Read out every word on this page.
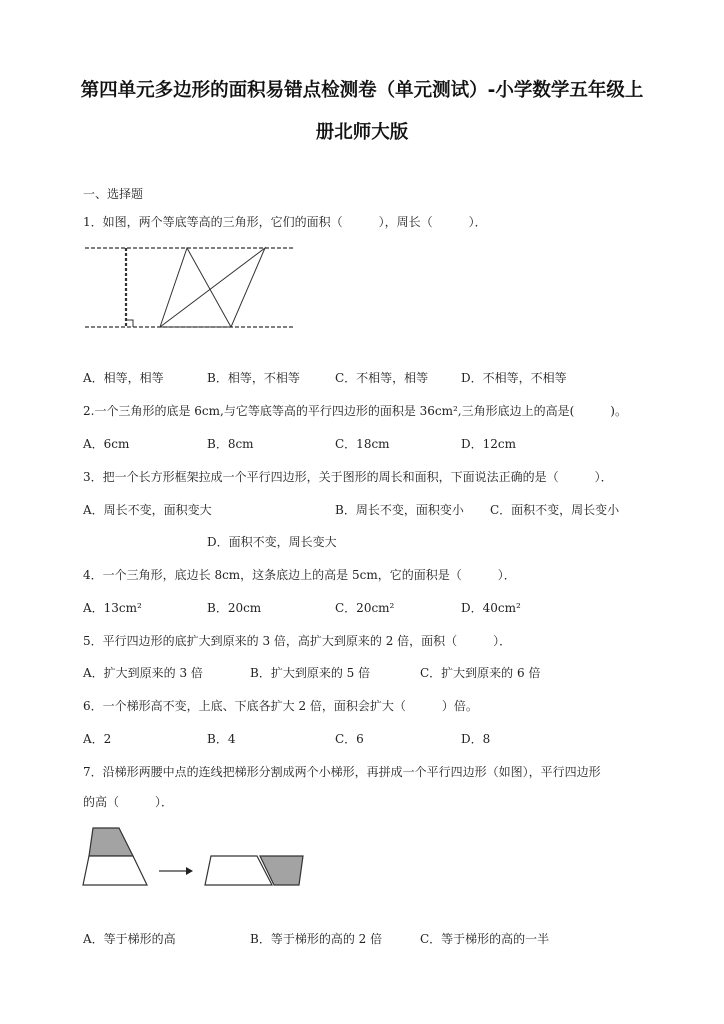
第四单元多边形的面积易错点检测卷（单元测试）-小学数学五年级上
册北师大版
一、选择题
1．如图，两个等底等高的三角形，它们的面积（　　　），周长（　　　）．
A．相等，相等	B．相等，不相等	C．不相等，相等	D．不相等，不相等
2.一个三角形的底是 6cm,与它等底等高的平行四边形的面积是 36cm²,三角形底边上的高是(　　　)。
A．6cm	B．8cm	C．18cm	D．12cm
3．把一个长方形框架拉成一个平行四边形，关于图形的周长和面积，下面说法正确的是（　　　）．
A．周长不变，面积变大	B．周长不变，面积变小 C．面积不变，周长变小
D．面积不变，周长变大
4．一个三角形，底边长 8cm，这条底边上的高是 5cm，它的面积是（　　　）．
A．13cm²	B．20cm	C．20cm²	D．40cm²
5．平行四边形的底扩大到原来的 3 倍，高扩大到原来的 2 倍，面积（　　　）．
A．扩大到原来的 3 倍	B．扩大到原来的 5 倍	C．扩大到原来的 6 倍
6．一个梯形高不变，上底、下底各扩大 2 倍，面积会扩大（　　　）倍。
A．2	B．4	C．6	D．8
7．沿梯形两腰中点的连线把梯形分割成两个小梯形，再拼成一个平行四边形（如图），平行四边形
的高（　　　）．
A．等于梯形的高	B．等于梯形的高的 2 倍	C．等于梯形的高的一半
